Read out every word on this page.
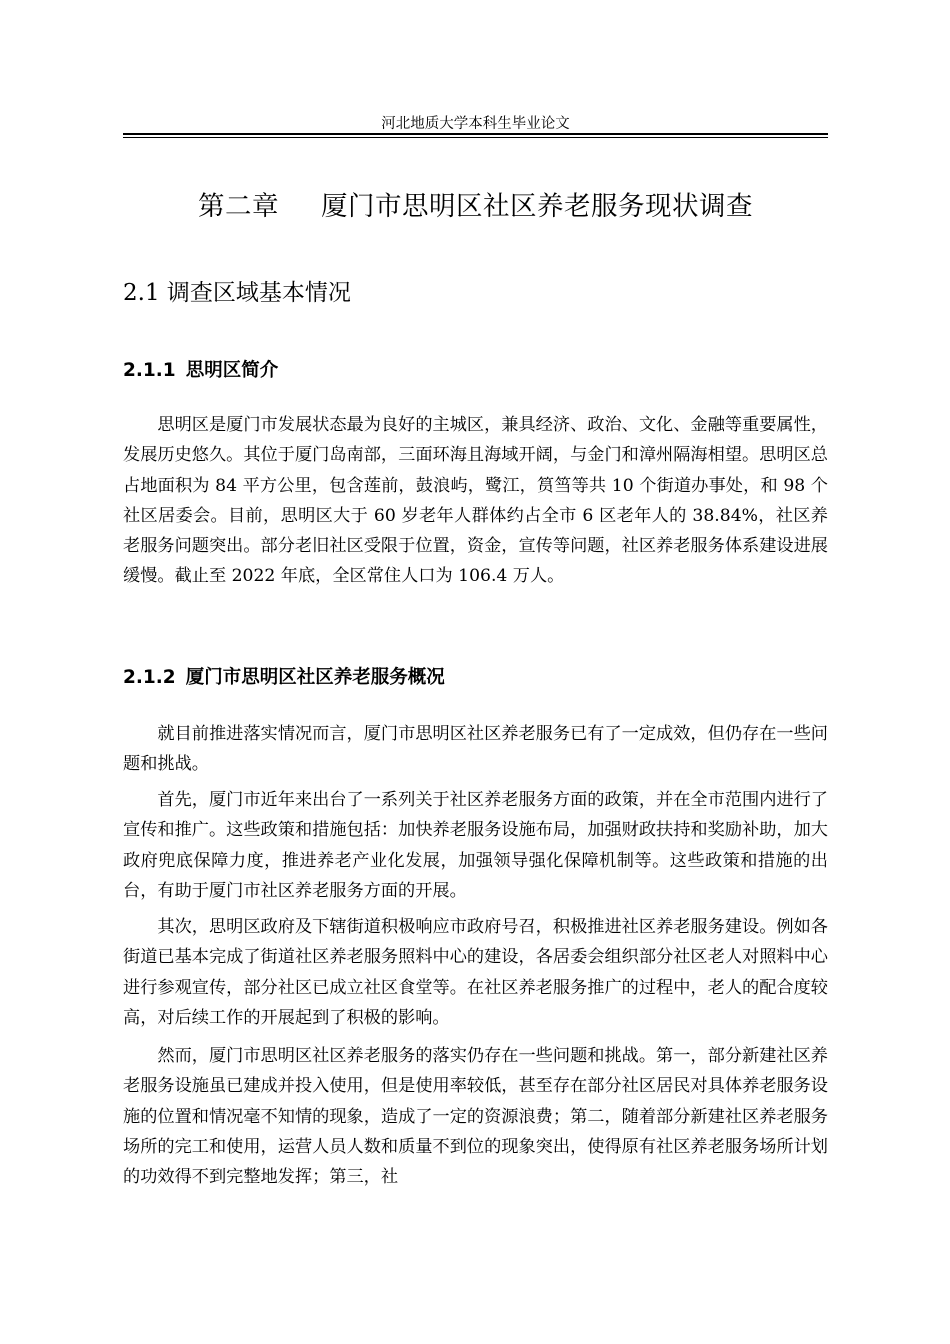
河北地质大学本科生毕业论文
第二章 厦门市思明区社区养老服务现状调查
2.1 调查区域基本情况
2.1.1 思明区简介

思明区是厦门市发展状态最为良好的主城区，兼具经济、政治、文化、金融等重要属性，发展历史悠久。其位于厦门岛南部，三面环海且海域开阔，与金门和漳州隔海相望。思明区总占地面积为 84 平方公里，包含莲前，鼓浪屿，鹭江，筼筜等共 10 个街道办事处，和 98 个社区居委会。目前，思明区大于 60 岁老年人群体约占全市 6 区老年人的 38.84%，社区养老服务问题突出。部分老旧社区受限于位置，资金，宣传等问题，社区养老服务体系建设进展缓慢。截止至 2022 年底，全区常住人口为 106.4 万人。

2.1.2 厦门市思明区社区养老服务概况

就目前推进落实情况而言，厦门市思明区社区养老服务已有了一定成效，但仍存在一些问题和挑战。

首先，厦门市近年来出台了一系列关于社区养老服务方面的政策，并在全市范围内进行了宣传和推广。这些政策和措施包括：加快养老服务设施布局，加强财政扶持和奖励补助，加大政府兜底保障力度，推进养老产业化发展，加强领导强化保障机制等。这些政策和措施的出台，有助于厦门市社区养老服务方面的开展。

其次，思明区政府及下辖街道积极响应市政府号召，积极推进社区养老服务建设。例如各街道已基本完成了街道社区养老服务照料中心的建设，各居委会组织部分社区老人对照料中心进行参观宣传，部分社区已成立社区食堂等。在社区养老服务推广的过程中，老人的配合度较高，对后续工作的开展起到了积极的影响。

然而，厦门市思明区社区养老服务的落实仍存在一些问题和挑战。第一，部分新建社区养老服务设施虽已建成并投入使用，但是使用率较低，甚至存在部分社区居民对具体养老服务设施的位置和情况毫不知情的现象，造成了一定的资源浪费；第二，随着部分新建社区养老服务场所的完工和使用，运营人员人数和质量不到位的现象突出，使得原有社区养老服务场所计划的功效得不到完整地发挥；第三，社
